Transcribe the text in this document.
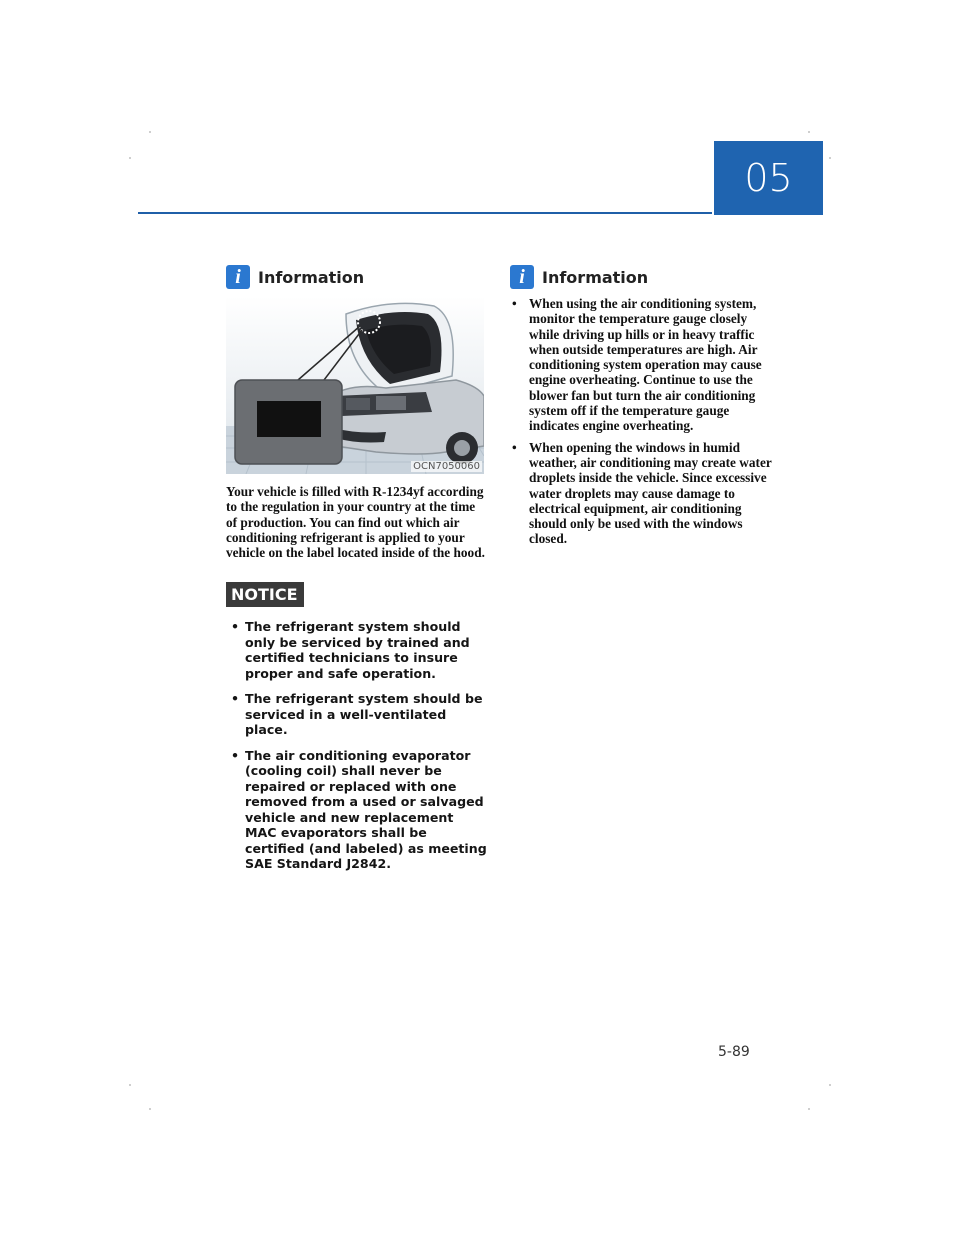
05
i	Information
OCN7050060

Your vehicle is filled with R-1234yf according to the regulation in your country at the time of production. You can find out which air conditioning refrigerant is applied to your vehicle on the label located inside of the hood.

NOTICE
• The refrigerant system should only be serviced by trained and certified technicians to insure proper and safe operation.
• The refrigerant system should be serviced in a well-ventilated place.
• The air conditioning evaporator (cooling coil) shall never be repaired or replaced with one removed from a used or salvaged vehicle and new replacement MAC evaporators shall be certified (and labeled) as meeting SAE Standard J2842.
i	Information
• When using the air conditioning system, monitor the temperature gauge closely while driving up hills or in heavy traffic when outside temperatures are high. Air conditioning system operation may cause engine overheating. Continue to use the blower fan but turn the air conditioning system off if the temperature gauge indicates engine overheating.
• When opening the windows in humid weather, air conditioning may create water droplets inside the vehicle. Since excessive water droplets may cause damage to electrical equipment, air conditioning should only be used with the windows closed.
5-89
